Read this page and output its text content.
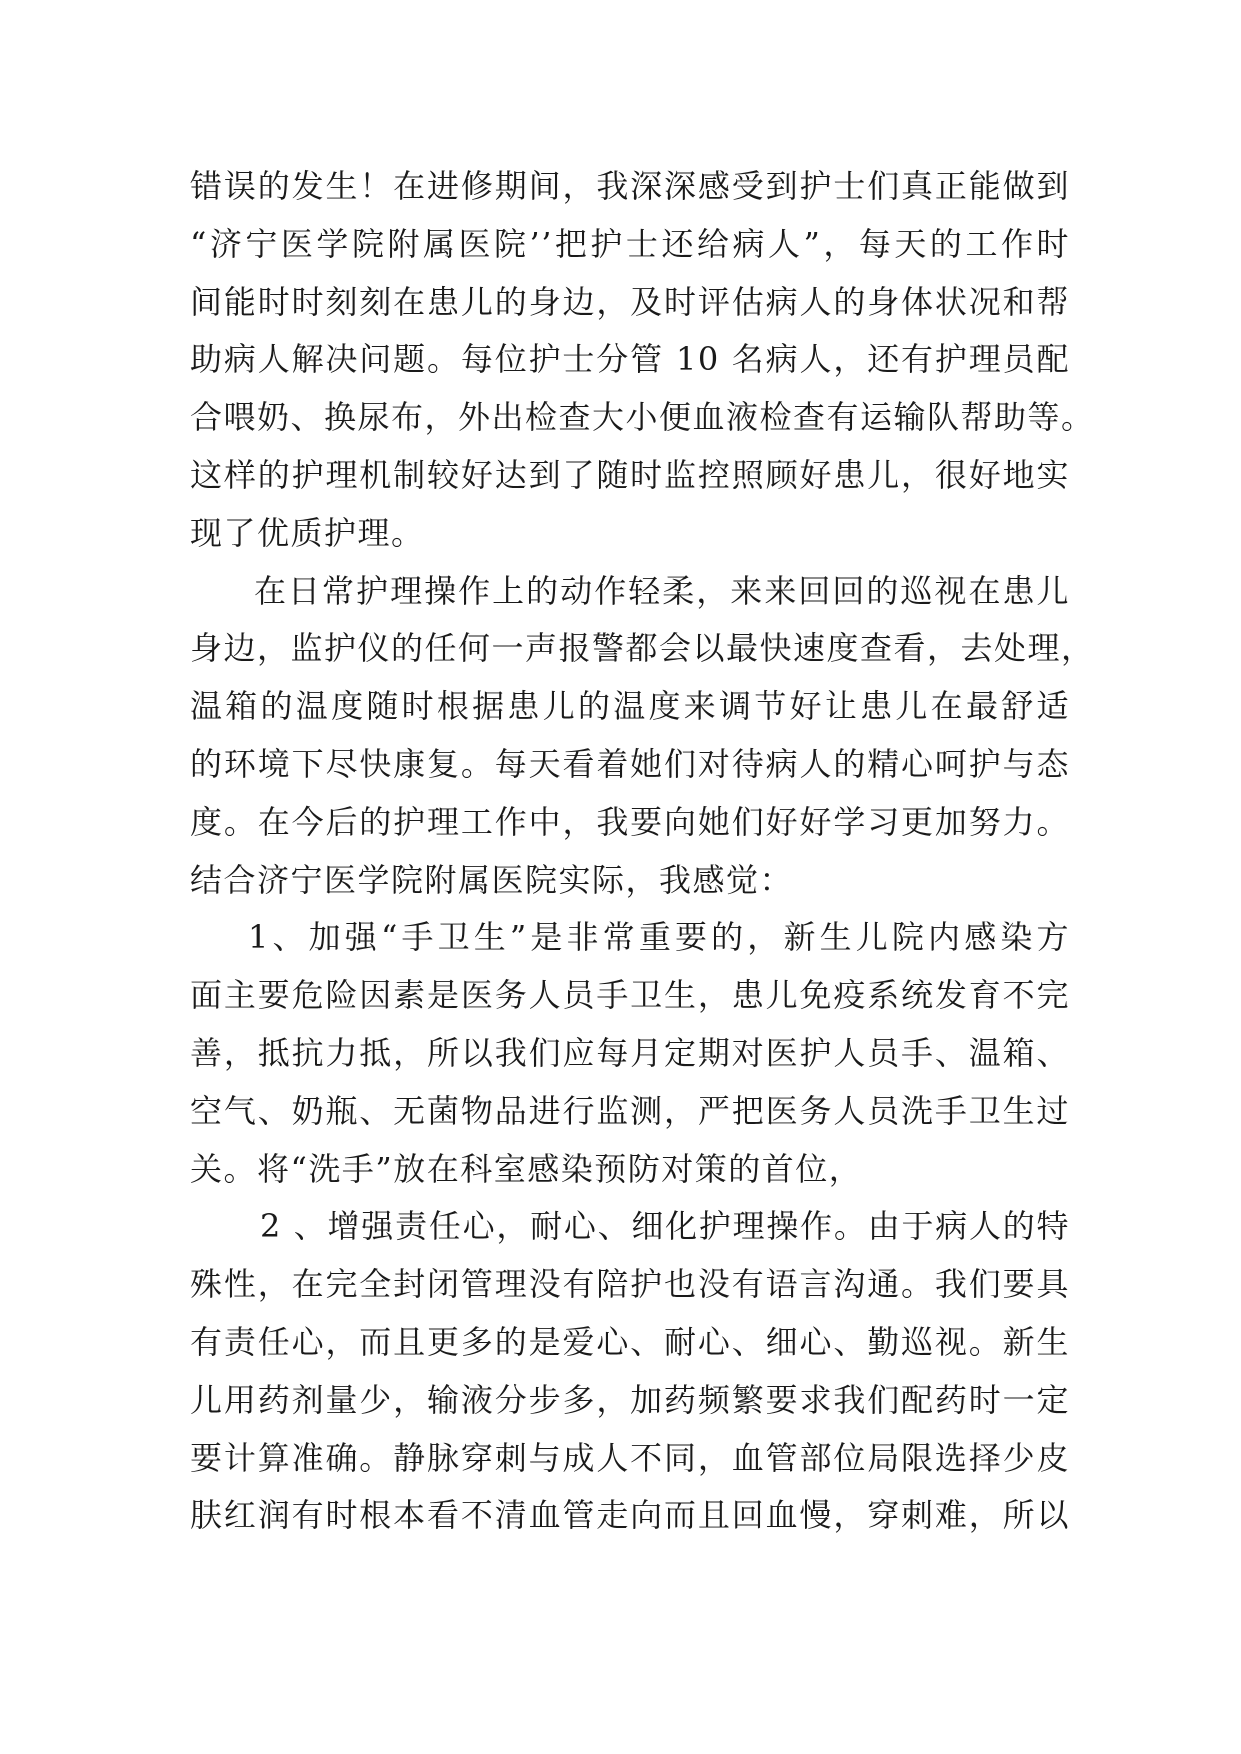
错误的发生！在进修期间，我深深感受到护士们真正能做到
“济宁医学院附属医院’’把护士还给病人”，每天的工作时
间能时时刻刻在患儿的身边，及时评估病人的身体状况和帮
助病人解决问题。每位护士分管 10 名病人，还有护理员配
合喂奶、换尿布，外出检查大小便血液检查有运输队帮助等。
这样的护理机制较好达到了随时监控照顾好患儿，很好地实
现了优质护理。
在日常护理操作上的动作轻柔，来来回回的巡视在患儿
身边，监护仪的任何一声报警都会以最快速度查看，去处理，
温箱的温度随时根据患儿的温度来调节好让患儿在最舒适
的环境下尽快康复。每天看着她们对待病人的精心呵护与态
度。在今后的护理工作中，我要向她们好好学习更加努力。
结合济宁医学院附属医院实际，我感觉：
1、加强“手卫生”是非常重要的，新生儿院内感染方
面主要危险因素是医务人员手卫生，患儿免疫系统发育不完
善，抵抗力抵，所以我们应每月定期对医护人员手、温箱、
空气、奶瓶、无菌物品进行监测，严把医务人员洗手卫生过
关。将“洗手”放在科室感染预防对策的首位，
2 、增强责任心，耐心、细化护理操作。由于病人的特
殊性，在完全封闭管理没有陪护也没有语言沟通。我们要具
有责任心，而且更多的是爱心、耐心、细心、勤巡视。新生
儿用药剂量少，输液分步多，加药频繁要求我们配药时一定
要计算准确。静脉穿刺与成人不同，血管部位局限选择少皮
肤红润有时根本看不清血管走向而且回血慢，穿刺难，所以
